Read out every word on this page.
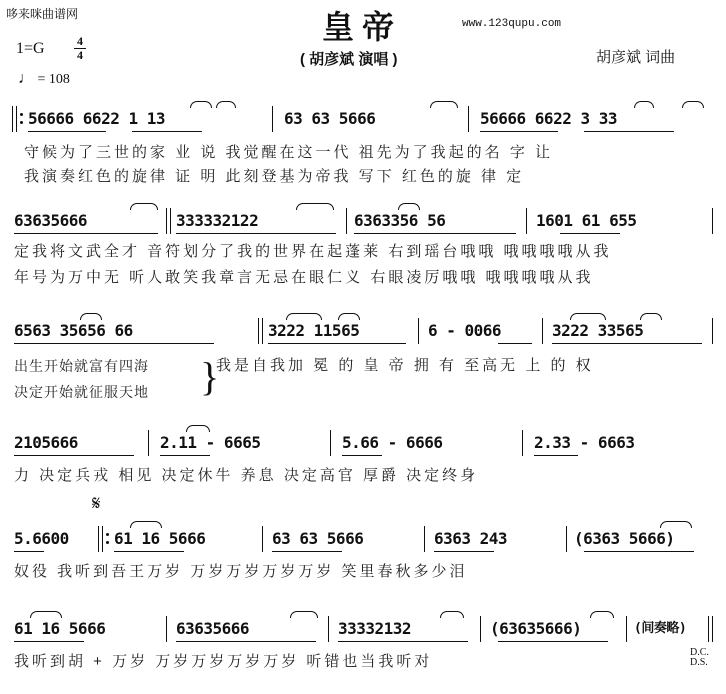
哆来咪曲谱网
www.123qupu.com
皇帝
( 胡彦斌 演唱 )	胡彦斌 词曲
1=G	4
4
♩ = 108
56666 6622 1 13	63 63 5666	56666 6622 3 33
守候为了三世的家 业 说 我觉醒在这一代 祖先为了我起的名 字 让
我演奏红色的旋律 证 明 此刻登基为帝我 写下 红色的旋 律 定
63635666	333332122	6363356 56	1601 61 655
定我将文武全才 音符划分了我的世界在起蓬莱 右到瑶台哦哦 哦哦哦哦从我
年号为万中无 听人敢笑我章言无忌在眼仁义 右眼凌厉哦哦 哦哦哦哦从我
6563 35656 66	3222 11565	6 - 0066	3222 33565
出生开始就富有四海
决定开始就征服天地	}
我是自我加 冕 的 皇 帝 拥 有 至高无 上 的 权
2105666	2.11 - 6665	5.66 - 6666	2.33 - 6663
力 决定兵戎 相见 决定休牛 养息 决定高官 厚爵 决定终身
5.6600
𝄋
61 16 5666	63 63 5666	6363 243	(6363 5666)
奴役 我听到吾王万岁 万岁万岁万岁万岁 笑里春秋多少泪
61 16 5666	63635666	33332132	(63635666)	(间奏略)
我听到胡 + 万岁 万岁万岁万岁万岁 听错也当我听对
D.C.
D.S.
